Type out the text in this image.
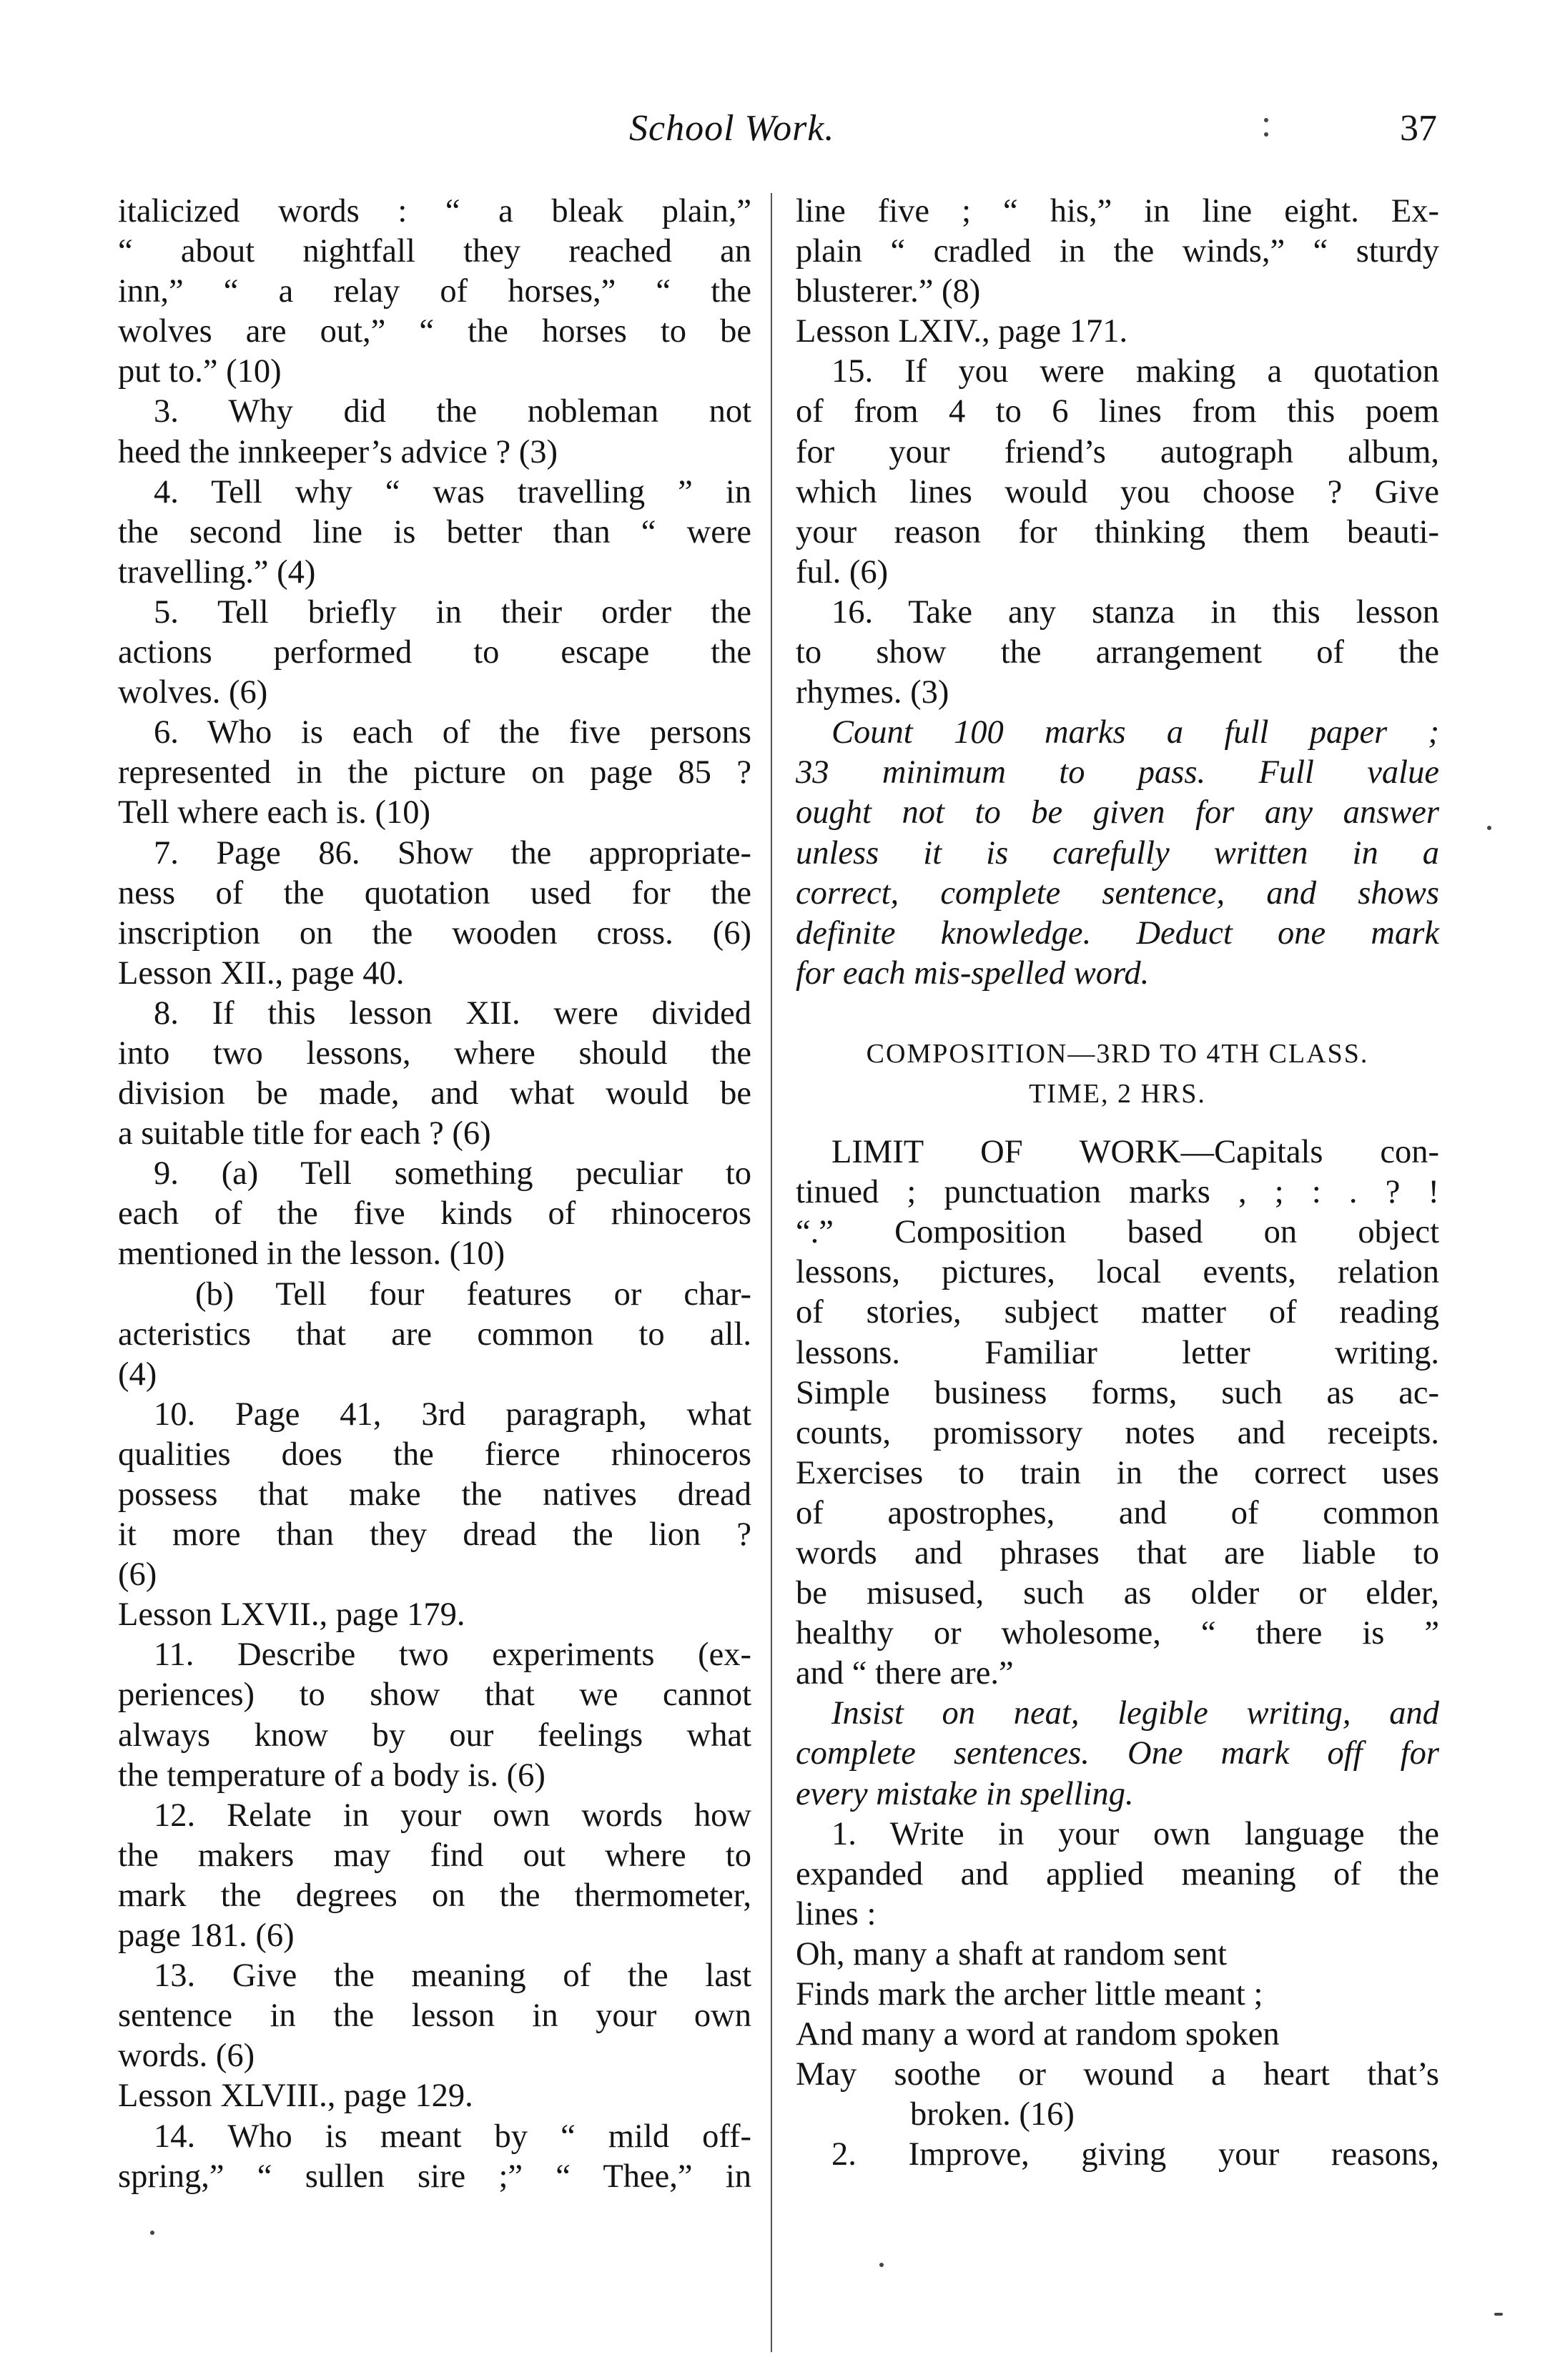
School Work.	37
italicized words : “ a bleak plain,”
“ about nightfall they reached an
inn,” “ a relay of horses,” “ the
wolves are out,” “ the horses to be
put to.” (10)
3. Why did the nobleman not
heed the innkeeper’s advice ? (3)
4. Tell why “ was travelling ” in
the second line is better than “ were
travelling.” (4)
5. Tell briefly in their order the
actions performed to escape the
wolves. (6)
6. Who is each of the five persons
represented in the picture on page 85 ?
Tell where each is. (10)
7. Page 86. Show the appropriate-
ness of the quotation used for the
inscription on the wooden cross. (6)
Lesson XII., page 40.
8. If this lesson XII. were divided
into two lessons, where should the
division be made, and what would be
a suitable title for each ? (6)
9. (a) Tell something peculiar to
each of the five kinds of rhinoceros
mentioned in the lesson. (10)
(b) Tell four features or char-
acteristics that are common to all.
(4)
10. Page 41, 3rd paragraph, what
qualities does the fierce rhinoceros
possess that make the natives dread
it more than they dread the lion ?
(6)
Lesson LXVII., page 179.
11. Describe two experiments (ex-
periences) to show that we cannot
always know by our feelings what
the temperature of a body is. (6)
12. Relate in your own words how
the makers may find out where to
mark the degrees on the thermometer,
page 181. (6)
13. Give the meaning of the last
sentence in the lesson in your own
words. (6)
Lesson XLVIII., page 129.
14. Who is meant by “ mild off-
spring,” “ sullen sire ;” “ Thee,” in
line five ; “ his,” in line eight. Ex-
plain “ cradled in the winds,” “ sturdy
blusterer.” (8)
Lesson LXIV., page 171.
15. If you were making a quotation
of from 4 to 6 lines from this poem
for your friend’s autograph album,
which lines would you choose ? Give
your reason for thinking them beauti-
ful. (6)
16. Take any stanza in this lesson
to show the arrangement of the
rhymes. (3)
Count 100 marks a full paper ;
33 minimum to pass. Full value
ought not to be given for any answer
unless it is carefully written in a
correct, complete sentence, and shows
definite knowledge. Deduct one mark
for each mis-spelled word.
COMPOSITION—3RD TO 4TH CLASS.
TIME, 2 HRS.
LIMIT OF WORK—Capitals con-
tinued ; punctuation marks , ; : . ? !
“.” Composition based on object
lessons, pictures, local events, relation
of stories, subject matter of reading
lessons. Familiar letter writing.
Simple business forms, such as ac-
counts, promissory notes and receipts.
Exercises to train in the correct uses
of apostrophes, and of common
words and phrases that are liable to
be misused, such as older or elder,
healthy or wholesome, “ there is ”
and “ there are.”
Insist on neat, legible writing, and
complete sentences. One mark off for
every mistake in spelling.
1. Write in your own language the
expanded and applied meaning of the
lines :
Oh, many a shaft at random sent
Finds mark the archer little meant ;
And many a word at random spoken
May soothe or wound a heart that’s
broken. (16)
2. Improve, giving your reasons,
